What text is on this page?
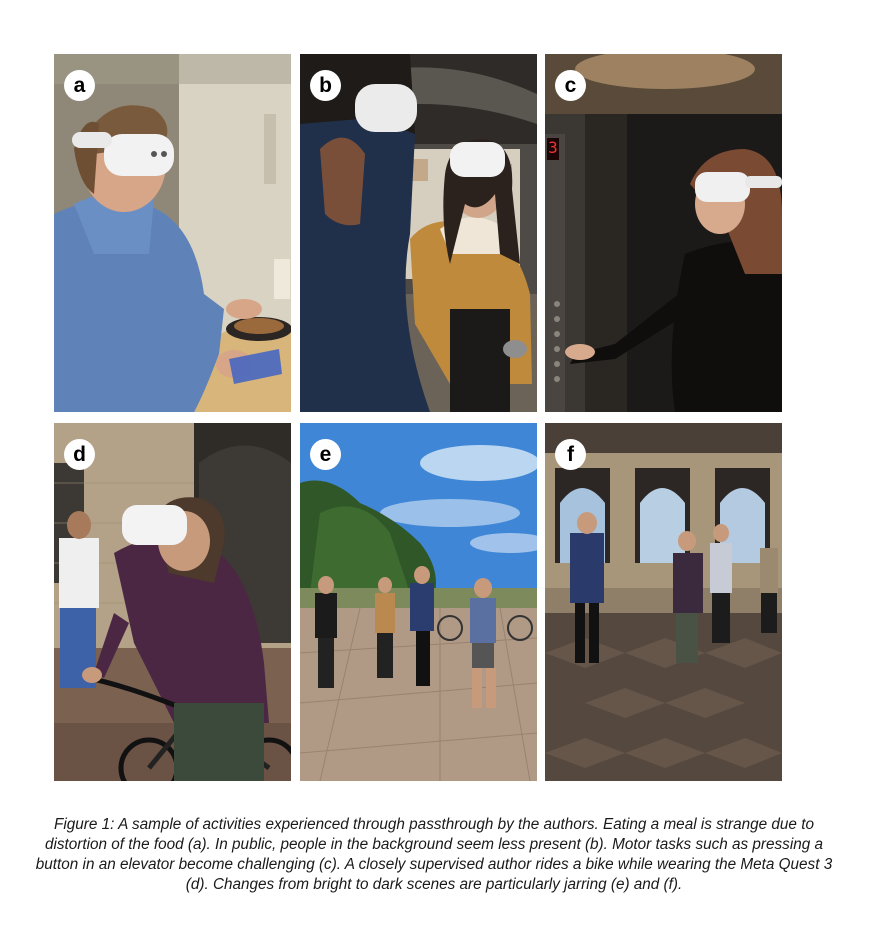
a	b	c
3
d	e	f
Figure 1: A sample of activities experienced through passthrough by the authors. Eating a meal is strange due to distortion of the food (a). In public, people in the background seem less present (b). Motor tasks such as pressing a button in an elevator become challenging (c). A closely supervised author rides a bike while wearing the Meta Quest 3 (d). Changes from bright to dark scenes are particularly jarring (e) and (f).
